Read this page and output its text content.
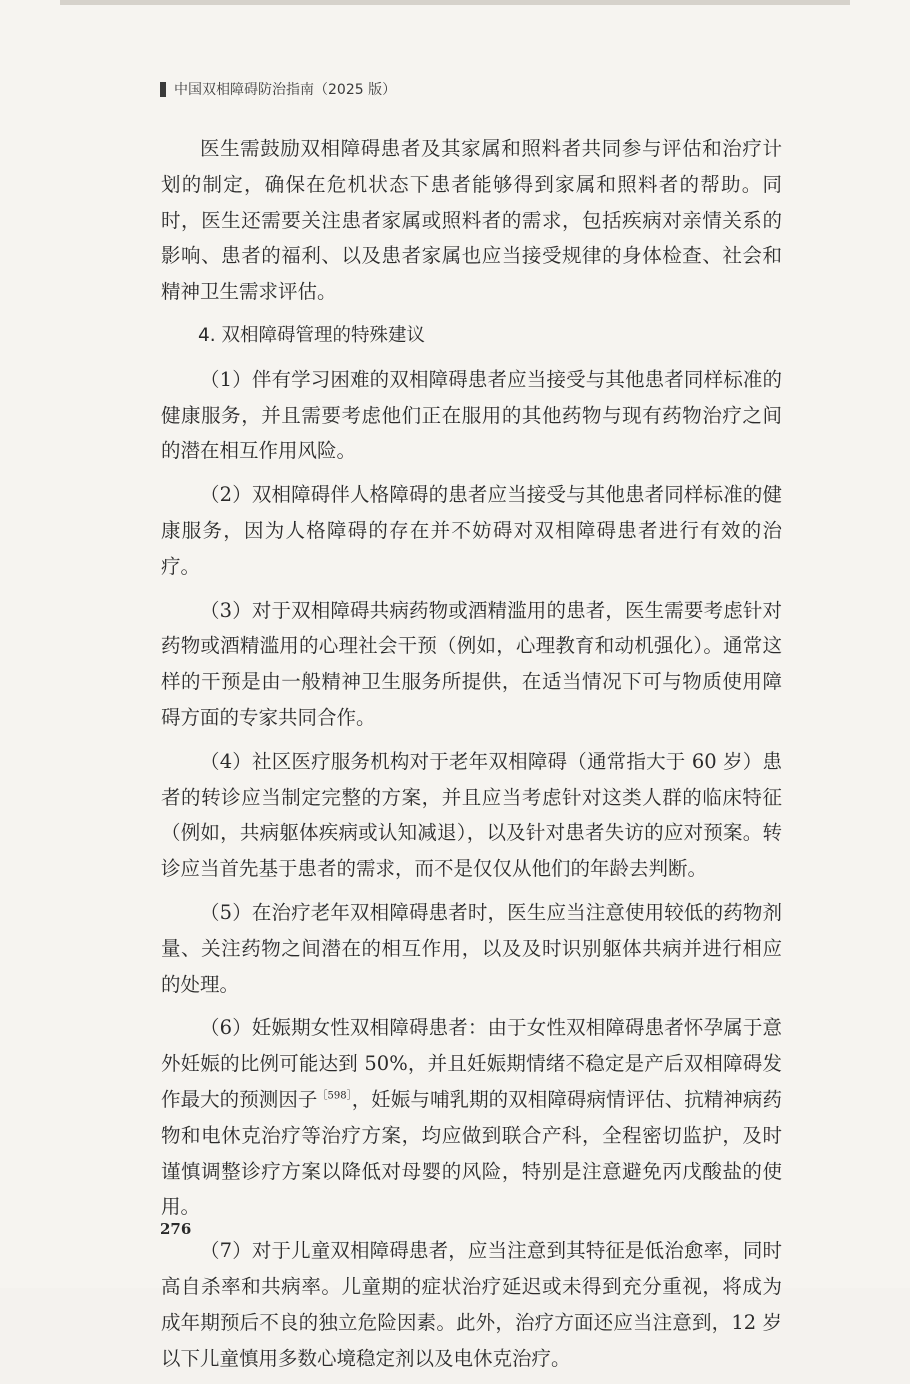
中国双相障碍防治指南（2025 版）

医生需鼓励双相障碍患者及其家属和照料者共同参与评估和治疗计划的制定，确保在危机状态下患者能够得到家属和照料者的帮助。同时，医生还需要关注患者家属或照料者的需求，包括疾病对亲情关系的影响、患者的福利、以及患者家属也应当接受规律的身体检查、社会和精神卫生需求评估。

4. 双相障碍管理的特殊建议

（1）伴有学习困难的双相障碍患者应当接受与其他患者同样标准的健康服务，并且需要考虑他们正在服用的其他药物与现有药物治疗之间的潜在相互作用风险。

（2）双相障碍伴人格障碍的患者应当接受与其他患者同样标准的健康服务，因为人格障碍的存在并不妨碍对双相障碍患者进行有效的治疗。

（3）对于双相障碍共病药物或酒精滥用的患者，医生需要考虑针对药物或酒精滥用的心理社会干预（例如，心理教育和动机强化）。通常这样的干预是由一般精神卫生服务所提供，在适当情况下可与物质使用障碍方面的专家共同合作。

（4）社区医疗服务机构对于老年双相障碍（通常指大于 60 岁）患者的转诊应当制定完整的方案，并且应当考虑针对这类人群的临床特征（例如，共病躯体疾病或认知减退），以及针对患者失访的应对预案。转诊应当首先基于患者的需求，而不是仅仅从他们的年龄去判断。

（5）在治疗老年双相障碍患者时，医生应当注意使用较低的药物剂量、关注药物之间潜在的相互作用，以及及时识别躯体共病并进行相应的处理。

（6）妊娠期女性双相障碍患者：由于女性双相障碍患者怀孕属于意外妊娠的比例可能达到 50%，并且妊娠期情绪不稳定是产后双相障碍发作最大的预测因子$^{[598]}$，妊娠与哺乳期的双相障碍病情评估、抗精神病药物和电休克治疗等治疗方案，均应做到联合产科，全程密切监护，及时谨慎调整诊疗方案以降低对母婴的风险，特别是注意避免丙戊酸盐的使用。

（7）对于儿童双相障碍患者，应当注意到其特征是低治愈率，同时高自杀率和共病率。儿童期的症状治疗延迟或未得到充分重视，将成为成年期预后不良的独立危险因素。此外，治疗方面还应当注意到，12 岁以下儿童慎用多数心境稳定剂以及电休克治疗。

276
